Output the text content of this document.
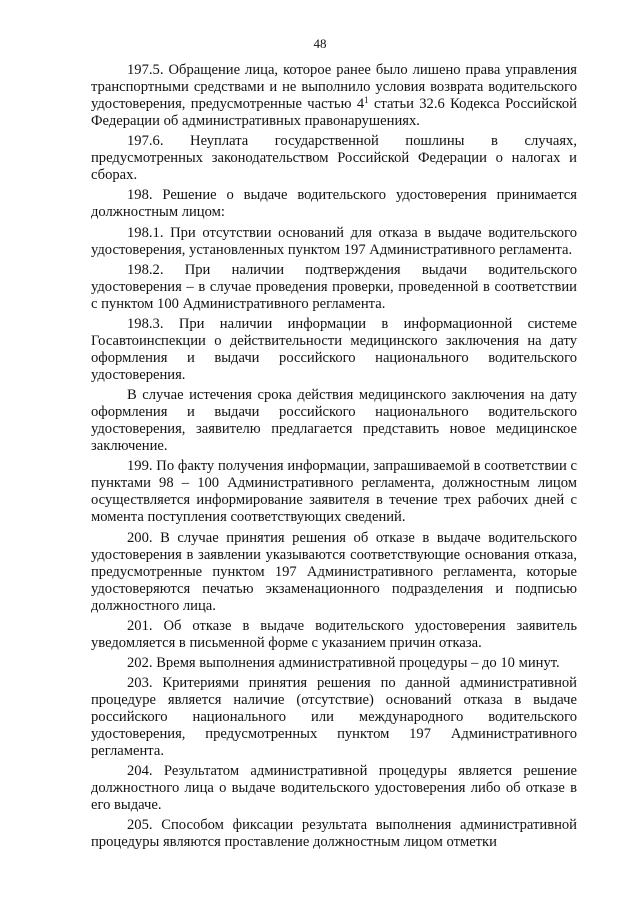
48

197.5. Обращение лица, которое ранее было лишено права управления транспортными средствами и не выполнило условия возврата водительского удостоверения, предусмотренные частью $4^1$ статьи 32.6 Кодекса Российской Федерации об административных правонарушениях.

197.6. Неуплата государственной пошлины в случаях, предусмотренных законодательством Российской Федерации о налогах и сборах.

198. Решение о выдаче водительского удостоверения принимается должностным лицом:

198.1. При отсутствии оснований для отказа в выдаче водительского удостоверения, установленных пунктом 197 Административного регламента.

198.2. При наличии подтверждения выдачи водительского удостоверения – в случае проведения проверки, проведенной в соответствии с пунктом 100 Административного регламента.

198.3. При наличии информации в информационной системе Госавтоинспекции о действительности медицинского заключения на дату оформления и выдачи российского национального водительского удостоверения.

В случае истечения срока действия медицинского заключения на дату оформления и выдачи российского национального водительского удостоверения, заявителю предлагается представить новое медицинское заключение.

199. По факту получения информации, запрашиваемой в соответствии с пунктами 98 – 100 Административного регламента, должностным лицом осуществляется информирование заявителя в течение трех рабочих дней с момента поступления соответствующих сведений.

200. В случае принятия решения об отказе в выдаче водительского удостоверения в заявлении указываются соответствующие основания отказа, предусмотренные пунктом 197 Административного регламента, которые удостоверяются печатью экзаменационного подразделения и подписью должностного лица.

201. Об отказе в выдаче водительского удостоверения заявитель уведомляется в письменной форме с указанием причин отказа.

202. Время выполнения административной процедуры – до 10 минут.

203. Критериями принятия решения по данной административной процедуре является наличие (отсутствие) оснований отказа в выдаче российского национального или международного водительского удостоверения, предусмотренных пунктом 197 Административного регламента.

204. Результатом административной процедуры является решение должностного лица о выдаче водительского удостоверения либо об отказе в его выдаче.

205. Способом фиксации результата выполнения административной процедуры являются проставление должностным лицом отметки
